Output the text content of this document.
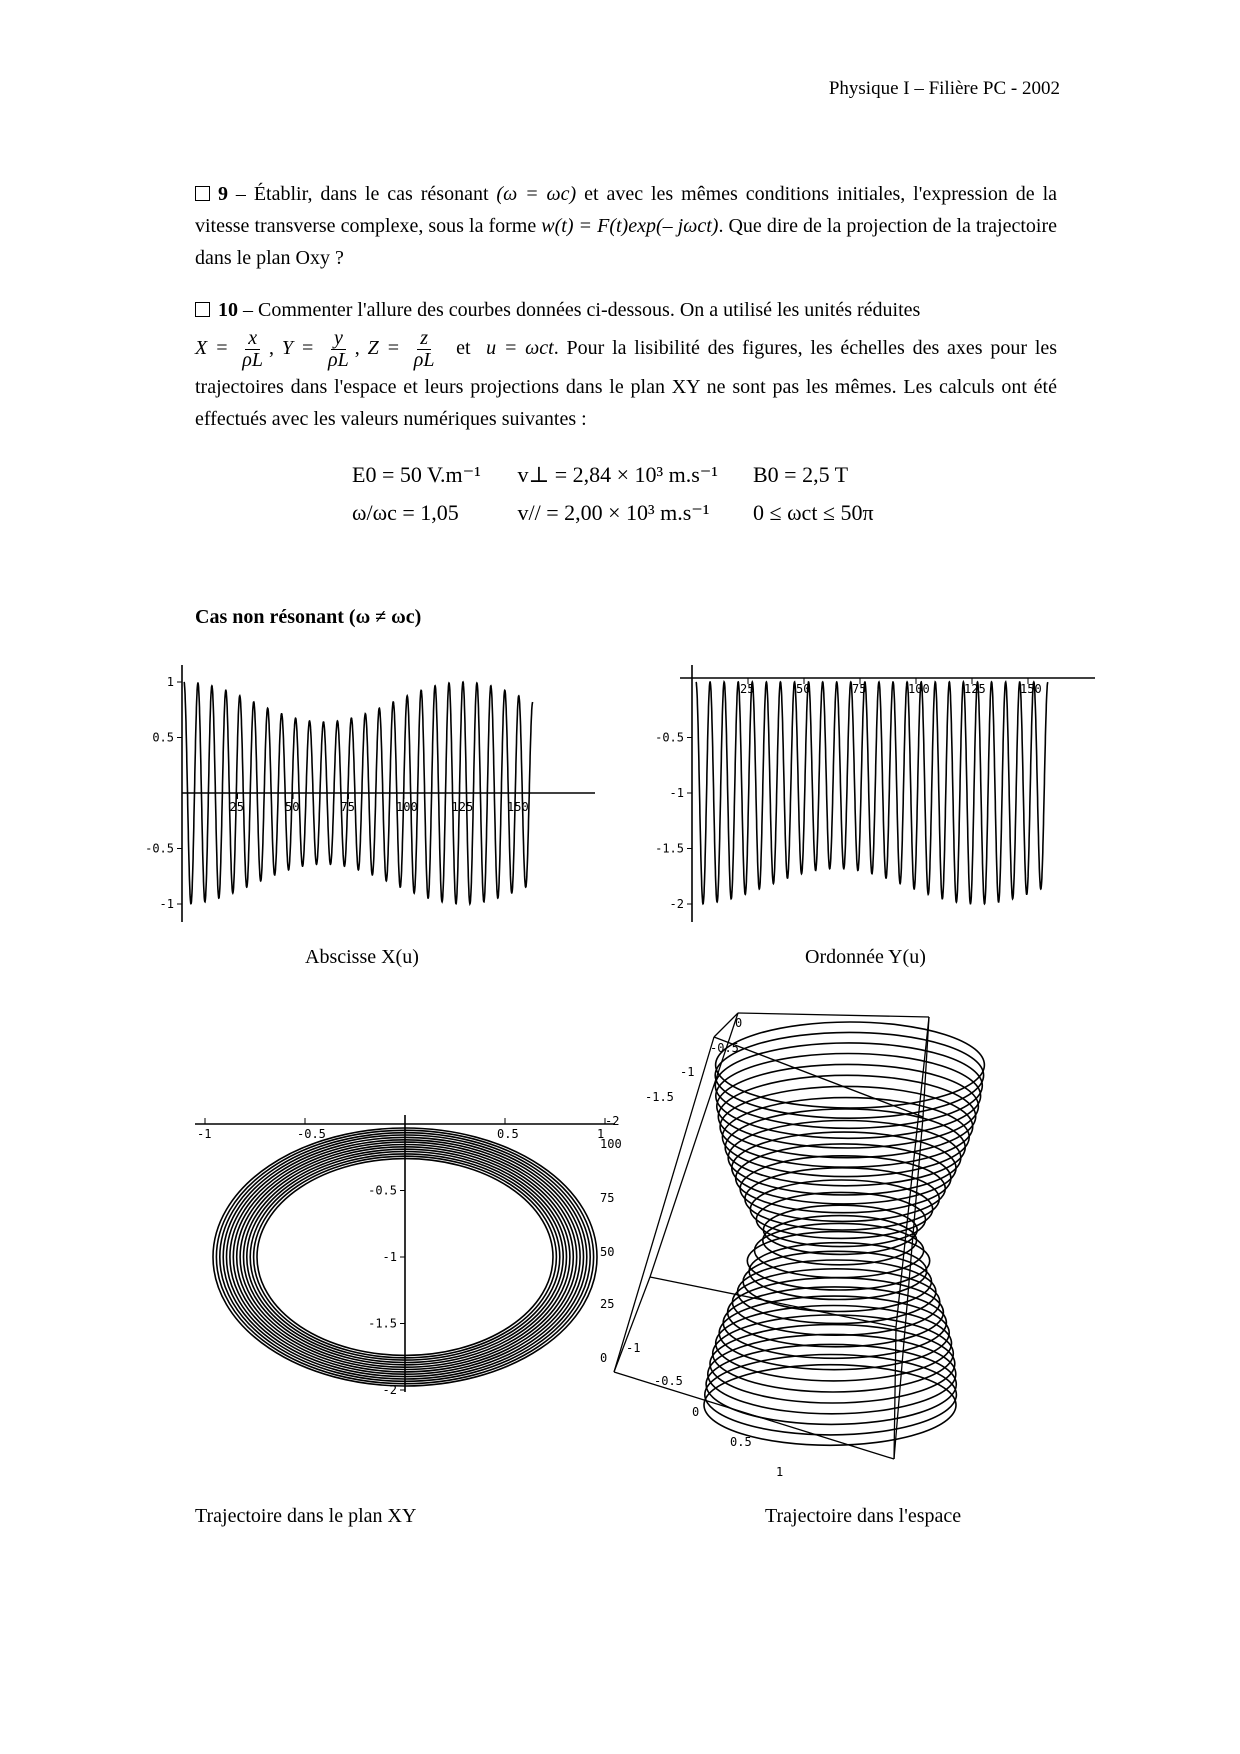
Physique I – Filière PC - 2002
9 – Établir, dans le cas résonant (ω = ωc) et avec les mêmes conditions initiales, l'expression de la vitesse transverse complexe, sous la forme w(t) = F(t)exp(– jωct). Que dire de la projection de la trajectoire dans le plan Oxy ?
10 – Commenter l'allure des courbes données ci-dessous. On a utilisé les unités réduites
$X = \frac{x}{\rho L}$ , $Y = \frac{y}{\rho L}$ , $Z = \frac{z}{\rho L}$ et u = ωct. Pour la lisibilité des figures, les échelles des axes pour les trajectoires dans l'espace et leurs projections dans le plan XY ne sont pas les mêmes. Les calculs ont été effectués avec les valeurs numériques suivantes :
E0 = 50 V.m⁻¹ v⊥ = 2,84 × 10³ m.s⁻¹ B0 = 2,5 T
ω/ωc = 1,05	v// = 2,00 × 10³ m.s⁻¹ 0 ≤ ωct ≤ 50π
Cas non résonant (ω ≠ ωc)
25	50	75	100	125	150
1
0.5
-0.5
-1
Abscisse X(u)
25	50	75	100	125	150
-0.5
-1
-1.5
-2
Ordonnée Y(u)
-1	-0.5	0.5	1
-0.5
-1
-1.5
-2
Trajectoire dans le plan XY
0
-0.5
-1
-1.5
-2
100
75
50
25
0
-1
-0.5
0
0.5
1
Trajectoire dans l'espace
